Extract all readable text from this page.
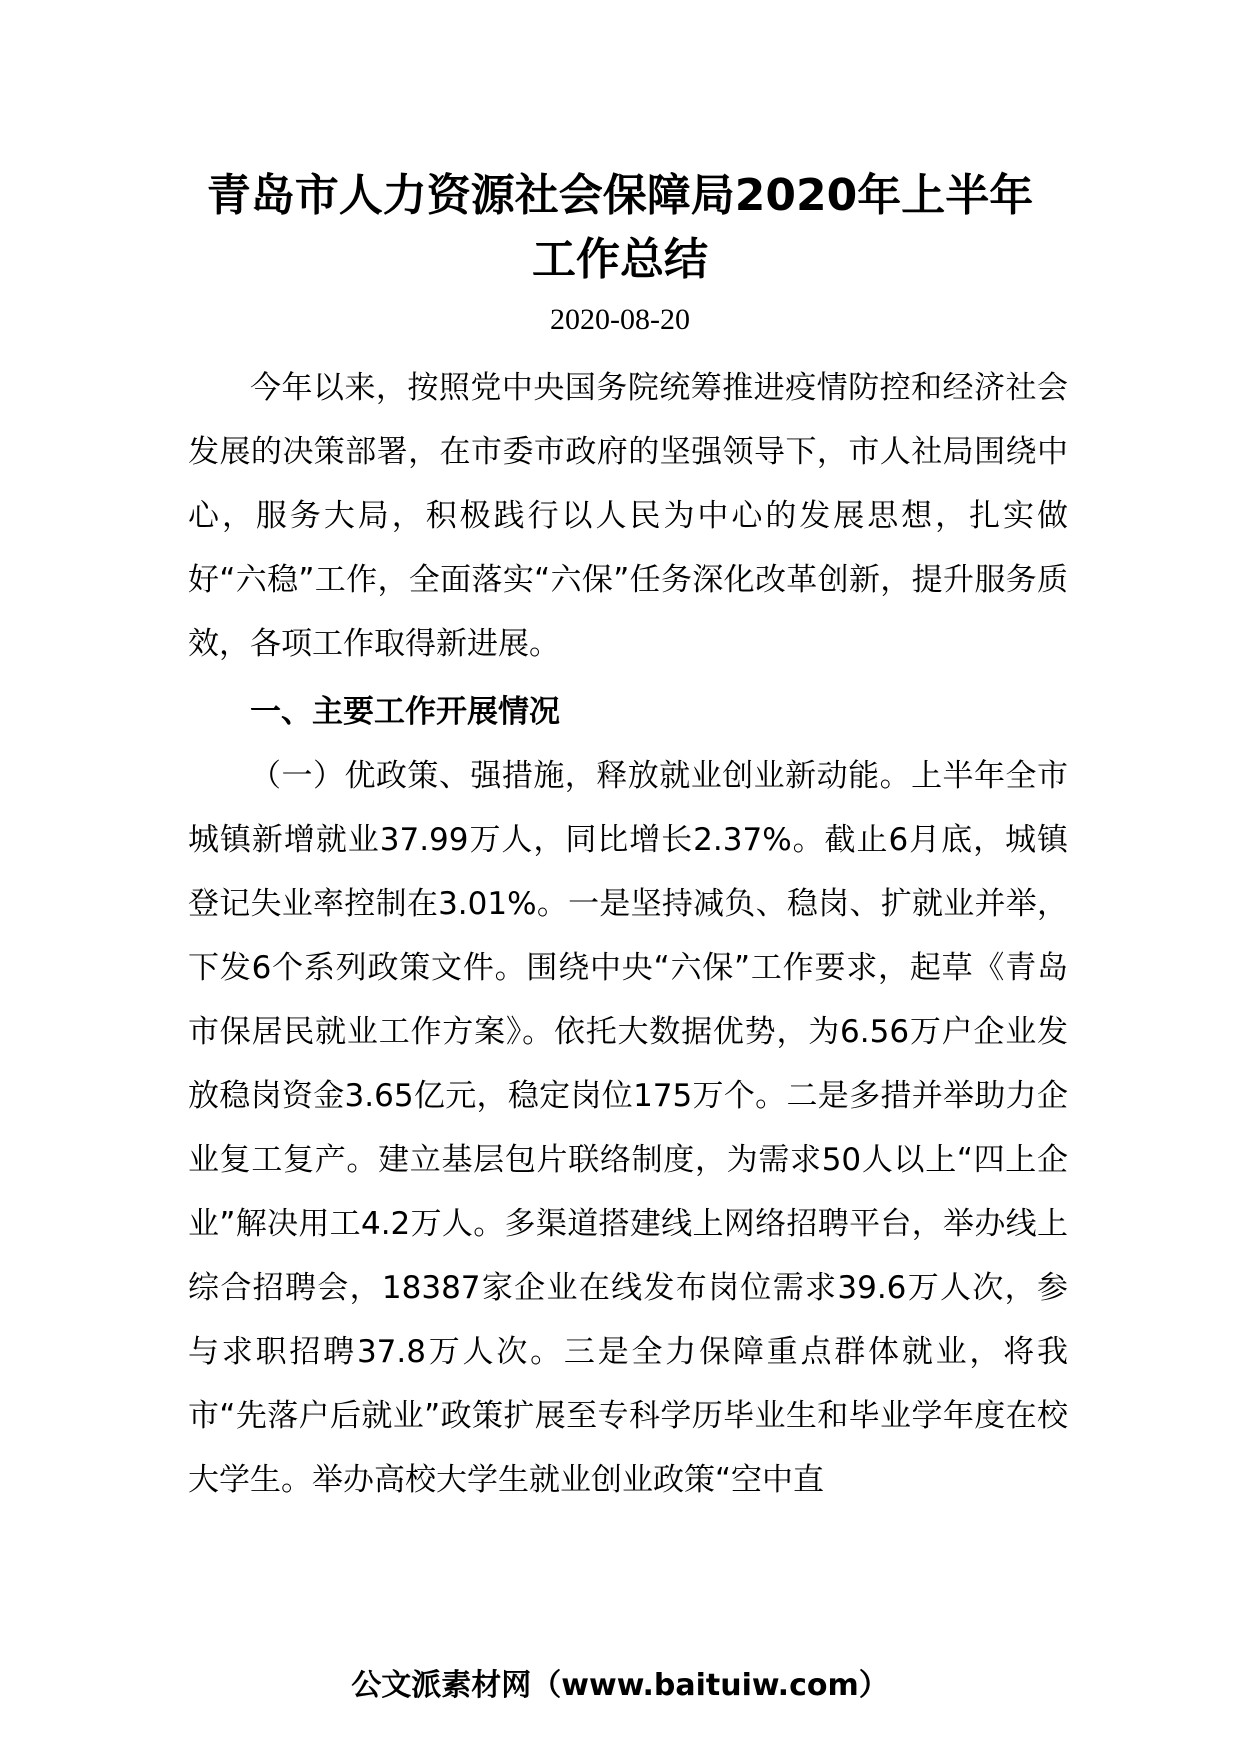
青岛市人力资源社会保障局2020年上半年
工作总结
2020-08-20

今年以来，按照党中央国务院统筹推进疫情防控和经济社会发展的决策部署，在市委市政府的坚强领导下，市人社局围绕中心，服务大局，积极践行以人民为中心的发展思想，扎实做好“六稳”工作，全面落实“六保”任务深化改革创新，提升服务质效，各项工作取得新进展。

一、主要工作开展情况

（一）优政策、强措施，释放就业创业新动能。上半年全市城镇新增就业37.99万人，同比增长2.37%。截止6月底，城镇登记失业率控制在3.01%。一是坚持减负、稳岗、扩就业并举，下发6个系列政策文件。围绕中央“六保”工作要求，起草《青岛市保居民就业工作方案》。依托大数据优势，为6.56万户企业发放稳岗资金3.65亿元，稳定岗位175万个。二是多措并举助力企业复工复产。建立基层包片联络制度，为需求50人以上“四上企业”解决用工4.2万人。多渠道搭建线上网络招聘平台，举办线上综合招聘会，18387家企业在线发布岗位需求39.6万人次，参与求职招聘37.8万人次。三是全力保障重点群体就业，将我市“先落户后就业”政策扩展至专科学历毕业生和毕业学年度在校大学生。举办高校大学生就业创业政策“空中直

公文派素材网（www.baituiw.com）
